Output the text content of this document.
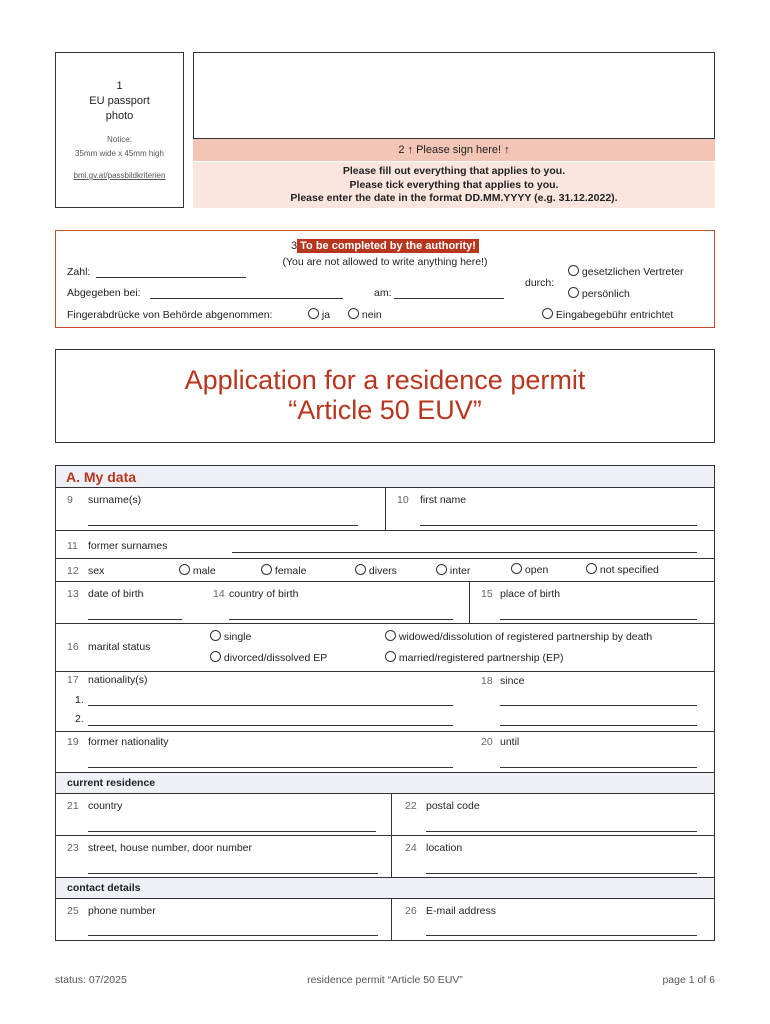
1
EU passport
photo
Notice:
35mm wide x 45mm high
bmi.gv.at/passbildkriterien
2 ↑ Please sign here! ↑
Please fill out everything that applies to you.
Please tick everything that applies to you.
Please enter the date in the format DD.MM.YYYY (e.g. 31.12.2022).
3 To be completed by the authority!
(You are not allowed to write anything here!)
Zahl:
Abgegeben bei:	am:
durch:
gesetzlichen Vertreter
persönlich
Fingerabdrücke von Behörde abgenommen:	ja	nein	Eingabegebühr entrichtet
Application for a residence permit
“Article 50 EUV”
A. My data
9 surname(s)	10 first name
11 former surnames
12 sex	male	female	divers	inter	open	not specified
13 date of birth	14 country of birth	15 place of birth
16 marital status
single
divorced/dissolved EP
widowed/dissolution of registered partnership by death
married/registered partnership (EP)
17 nationality(s)	18 since
1.
2.
19 former nationality	20 until
current residence
21 country	22 postal code
23 street, house number, door number	24 location
contact details
25 phone number	26 E-mail address
status: 07/2025	residence permit “Article 50 EUV”	page 1 of 6
